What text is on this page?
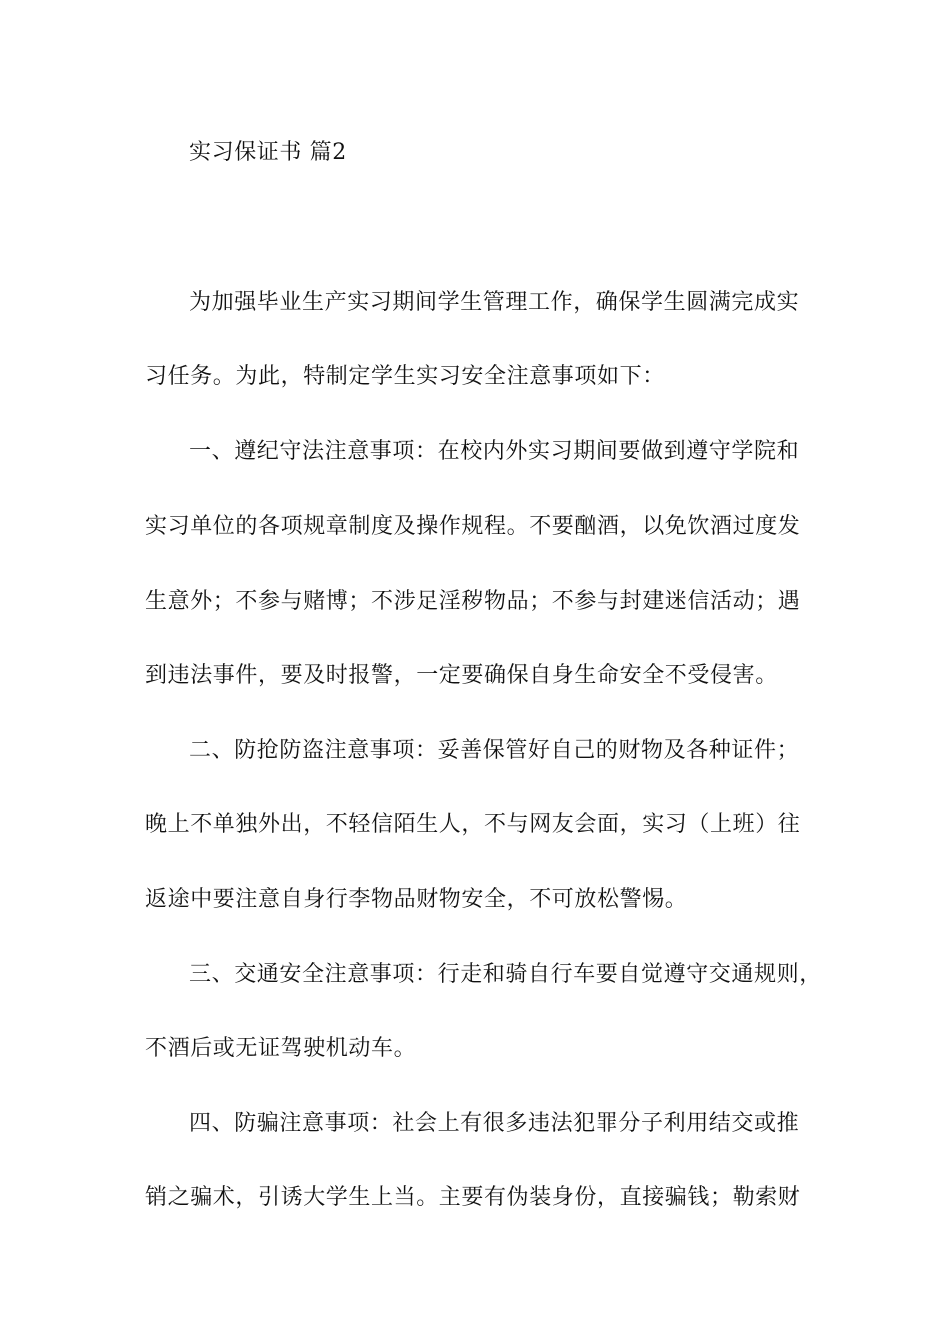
实习保证书 篇2
为加强毕业生产实习期间学生管理工作，确保学生圆满完成实
习任务。为此，特制定学生实习安全注意事项如下：
一、遵纪守法注意事项：在校内外实习期间要做到遵守学院和
实习单位的各项规章制度及操作规程。不要酗酒，以免饮酒过度发
生意外；不参与赌博；不涉足淫秽物品；不参与封建迷信活动；遇
到违法事件，要及时报警，一定要确保自身生命安全不受侵害。
二、防抢防盗注意事项：妥善保管好自己的财物及各种证件；
晚上不单独外出，不轻信陌生人，不与网友会面，实习（上班）往
返途中要注意自身行李物品财物安全，不可放松警惕。
三、交通安全注意事项：行走和骑自行车要自觉遵守交通规则，
不酒后或无证驾驶机动车。
四、防骗注意事项：社会上有很多违法犯罪分子利用结交或推
销之骗术，引诱大学生上当。主要有伪装身份，直接骗钱；勒索财
